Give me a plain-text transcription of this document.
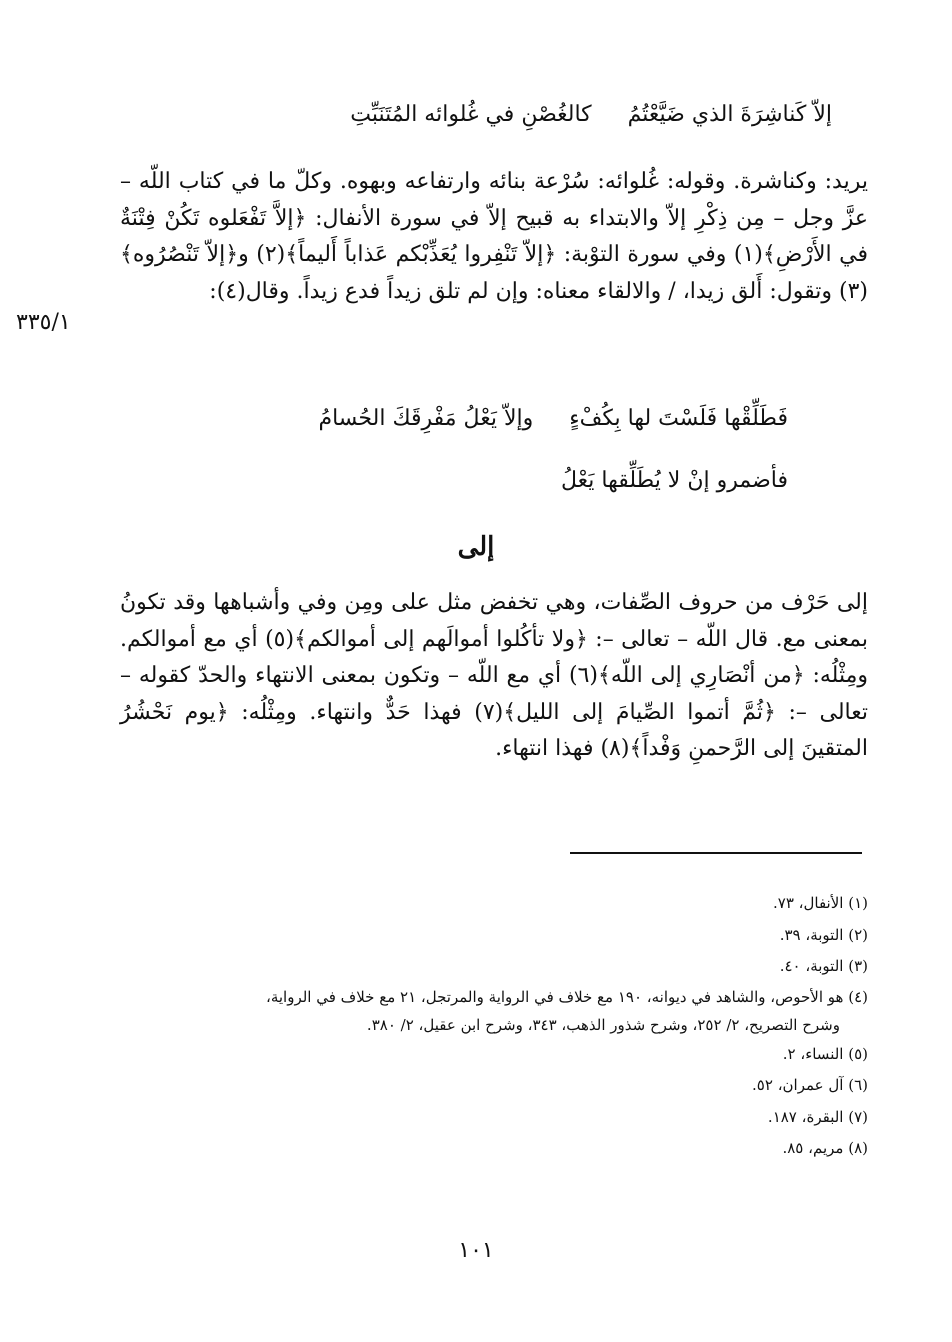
إلاّ كَناشِرَةَ الذي ضَيَّعْتُمُ
كالغُصْنِ في غُلوائه المُتَنَبِّتِ

يريد: وكناشرة. وقوله: غُلوائه: سُرْعة بنائه وارتفاعه وبهوه. وكلّ ما في كتاب اللّه – عزَّ وجل – مِن ذِكْرِ إلاّ والابتداء به قبيح إلاّ في سورة الأنفال: ﴿إلاَّ تَفْعَلوه تَكُنْ فِتْنَةٌ في الأَرْضِ﴾(١) وفي سورة التوْبة: ﴿إلاّ تَنْفِروا يُعَذِّبْكم عَذاباً أَليماً﴾(٢) و﴿إلاّ تَنْصُرُوه﴾(٣) وتقول: أَلق زيدا، / والالقاء معناه: وإن لم تلق زيداً فدع زيداً. وقال(٤):

٣٣٥/١
فَطَلِّقْها فَلَسْتَ لها بِكُفْءٍ
وإلاّ يَعْلُ مَفْرِقَكَ الحُسامُ
فأضمرو إنْ لا يُطَلِّقها يَعْلُ
إلى

إلى حَرْف من حروف الصِّفات، وهي تخفض مثل على ومِن وفي وأشباهها وقد تكونُ بمعنى مع. قال اللّه – تعالى –: ﴿ولا تأكُلوا أموالَهم إلى أموالكم﴾(٥) أي مع أموالكم. ومِثْلُه: ﴿من أنْصَارِي إلى اللّه﴾(٦) أي مع اللّه – وتكون بمعنى الانتهاء والحدّ كقوله – تعالى –: ﴿ثُمَّ أتموا الصِّيامَ إلى الليل﴾(٧) فهذا حَدٌّ وانتهاء. ومِثْلُه: ﴿يوم نَحْشُرُ المتقينَ إلى الرَّحمنِ وَفْداً﴾(٨) فهذا انتهاء.

(١) الأنفال، ٧٣.
(٢) التوبة، ٣٩.
(٣) التوبة، ٤٠.
(٤) هو الأحوص، والشاهد في ديوانه، ١٩٠ مع خلاف في الرواية والمرتجل، ٢١ مع خلاف في الرواية،
وشرح التصريح، ٢/ ٢٥٢، وشرح شذور الذهب، ٣٤٣، وشرح ابن عقيل، ٢/ ٣٨٠.
(٥) النساء، ٢.
(٦) آل عمران، ٥٢.
(٧) البقرة، ١٨٧.
(٨) مريم، ٨٥.
١٠١
